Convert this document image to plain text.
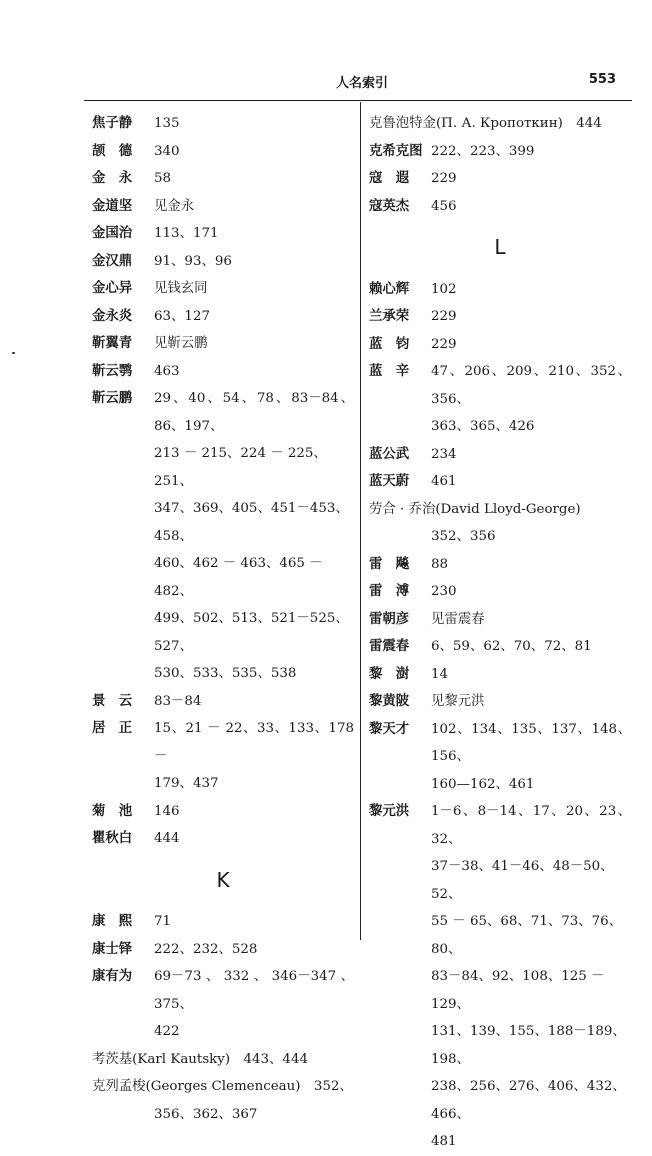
人名索引	553
焦子静	135
颉　德	340
金　永	58
金道坚	见金永
金国治	113、171
金汉鼎	91、93、96
金心异	见钱玄同
金永炎	63、127
靳翼青	见靳云鹏
靳云鹗	463
靳云鹏	29、40、54、78、83－84、86、197、
213 － 215、224 － 225、251、
347、369、405、451－453、458、
460、462 － 463、465 － 482、
499、502、513、521－525、527、
530、533、535、538
景　云	83－84
居　正	15、21 － 22、33、133、178 －
179、437
菊　池	146
瞿秋白	444
K
康　熙	71
康士铎	222、232、528
康有为	69－73、332、346－347、375、
422
考茨基(Karl Kautsky)　443、444
克列孟梭(Georges Clemenceau)　352、
356、362、367
克鲁泡特金(П. А. Кропоткин)　444
克希克图 222、223、399
寇　遐	229
寇英杰	456
L
赖心辉	102
兰承荣	229
蓝　钧	229
蓝　辛	47、206、209、210、352、356、
363、365、426
蓝公武	234
蓝天蔚	461
劳合 · 乔治(David Lloyd-George)
352、356
雷　飚	88
雷　溥	230
雷朝彦	见雷震春
雷震春	6、59、62、70、72、81
黎　澍	14
黎黄陂	见黎元洪
黎天才	102、134、135、137、148、156、
160—162、461
黎元洪	1－6、8－14、17、20、23、32、
37－38、41－46、48－50、52、
55 － 65、68、71、73、76、80、
83－84、92、108、125 － 129、
131、139、155、188－189、198、
238、256、276、406、432、466、
481
